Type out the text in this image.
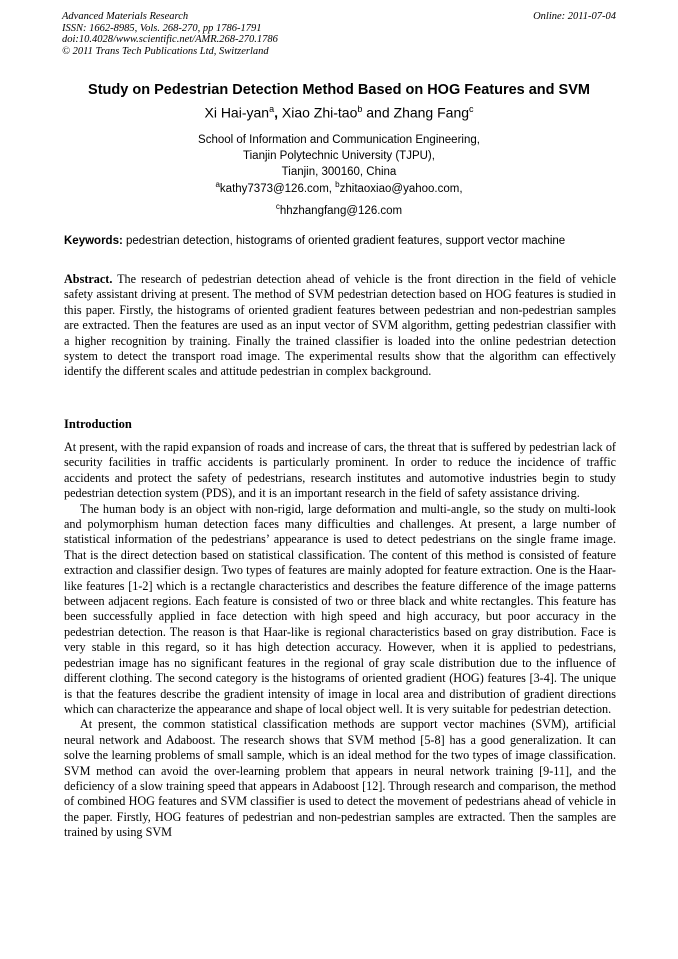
Advanced Materials Research
ISSN: 1662-8985, Vols. 268-270, pp 1786-1791
doi:10.4028/www.scientific.net/AMR.268-270.1786
© 2011 Trans Tech Publications Ltd, Switzerland
Online: 2011-07-04
Study on Pedestrian Detection Method Based on HOG Features and SVM
Xi Hai-yan$^a$, Xiao Zhi-tao$^b$ and Zhang Fang$^c$
School of Information and Communication Engineering,
Tianjin Polytechnic University (TJPU),
Tianjin, 300160, China
$^a$kathy7373@126.com, $^b$zhitaoxiao@yahoo.com,
$^c$hhzhangfang@126.com
Keywords: pedestrian detection, histograms of oriented gradient features, support vector machine
Abstract. The research of pedestrian detection ahead of vehicle is the front direction in the field of vehicle safety assistant driving at present. The method of SVM pedestrian detection based on HOG features is studied in this paper. Firstly, the histograms of oriented gradient features between pedestrian and non-pedestrian samples are extracted. Then the features are used as an input vector of SVM algorithm, getting pedestrian classifier with a higher recognition by training. Finally the trained classifier is loaded into the online pedestrian detection system to detect the transport road image. The experimental results show that the algorithm can effectively identify the different scales and attitude pedestrian in complex background.
Introduction

At present, with the rapid expansion of roads and increase of cars, the threat that is suffered by pedestrian lack of security facilities in traffic accidents is particularly prominent. In order to reduce the incidence of traffic accidents and protect the safety of pedestrians, research institutes and automotive industries begin to study pedestrian detection system (PDS), and it is an important research in the field of safety assistance driving.

The human body is an object with non-rigid, large deformation and multi-angle, so the study on multi-look and polymorphism human detection faces many difficulties and challenges. At present, a large number of statistical information of the pedestrians’ appearance is used to detect pedestrians on the single frame image. That is the direct detection based on statistical classification. The content of this method is consisted of feature extraction and classifier design. Two types of features are mainly adopted for feature extraction. One is the Haar-like features [1-2] which is a rectangle characteristics and describes the feature difference of the image patterns between adjacent regions. Each feature is consisted of two or three black and white rectangles. This feature has been successfully applied in face detection with high speed and high accuracy, but poor accuracy in the pedestrian detection. The reason is that Haar-like is regional characteristics based on gray distribution. Face is very stable in this regard, so it has high detection accuracy. However, when it is applied to pedestrians, pedestrian image has no significant features in the regional of gray scale distribution due to the influence of different clothing. The second category is the histograms of oriented gradient (HOG) features [3-4]. The unique is that the features describe the gradient intensity of image in local area and distribution of gradient directions which can characterize the appearance and shape of local object well. It is very suitable for pedestrian detection.

At present, the common statistical classification methods are support vector machines (SVM), artificial neural network and Adaboost. The research shows that SVM method [5-8] has a good generalization. It can solve the learning problems of small sample, which is an ideal method for the two types of image classification. SVM method can avoid the over-learning problem that appears in neural network training [9-11], and the deficiency of a slow training speed that appears in Adaboost [12]. Through research and comparison, the method of combined HOG features and SVM classifier is used to detect the movement of pedestrians ahead of vehicle in the paper. Firstly, HOG features of pedestrian and non-pedestrian samples are extracted. Then the samples are trained by using SVM
